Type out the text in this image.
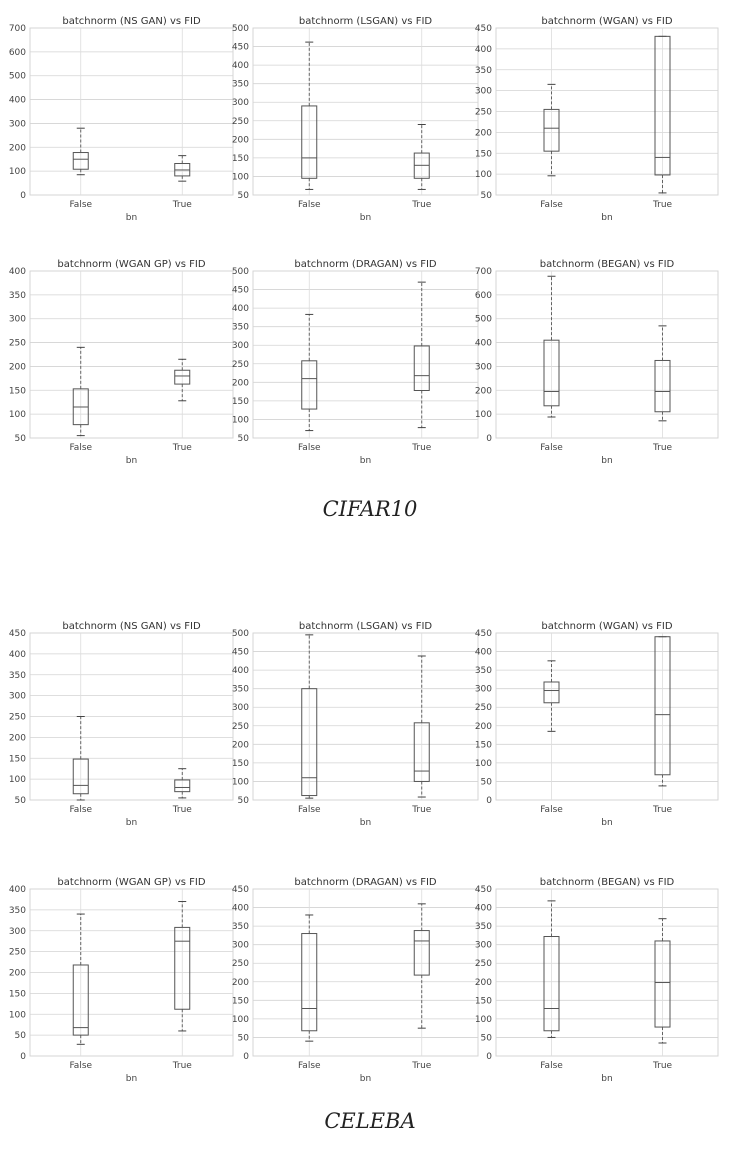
0
100
200
300
400
500
600
700
batchnorm (NS GAN) vs FID
bn
False	True
50
100
150
200
250
300
350
400
450
500
batchnorm (LSGAN) vs FID
bn
False	True
50
100
150
200
250
300
350
400
450
batchnorm (WGAN) vs FID
bn
False	True
50
100
150
200
250
300
350
400
batchnorm (WGAN GP) vs FID
bn
False	True
50
100
150
200
250
300
350
400
450
500
batchnorm (DRAGAN) vs FID
bn
False	True
0
100
200
300
400
500
600
700
batchnorm (BEGAN) vs FID
bn
False	True
50
100
150
200
250
300
350
400
450
batchnorm (NS GAN) vs FID
bn
False	True
50
100
150
200
250
300
350
400
450
500
batchnorm (LSGAN) vs FID
bn
False	True
0
50
100
150
200
250
300
350
400
450
batchnorm (WGAN) vs FID
bn
False	True
0
50
100
150
200
250
300
350
400
batchnorm (WGAN GP) vs FID
bn
False	True
0
50
100
150
200
250
300
350
400
450
batchnorm (DRAGAN) vs FID
bn
False	True
0
50
100
150
200
250
300
350
400
450
batchnorm (BEGAN) vs FID
bn
False	True
CIFAR10
CELEBA
